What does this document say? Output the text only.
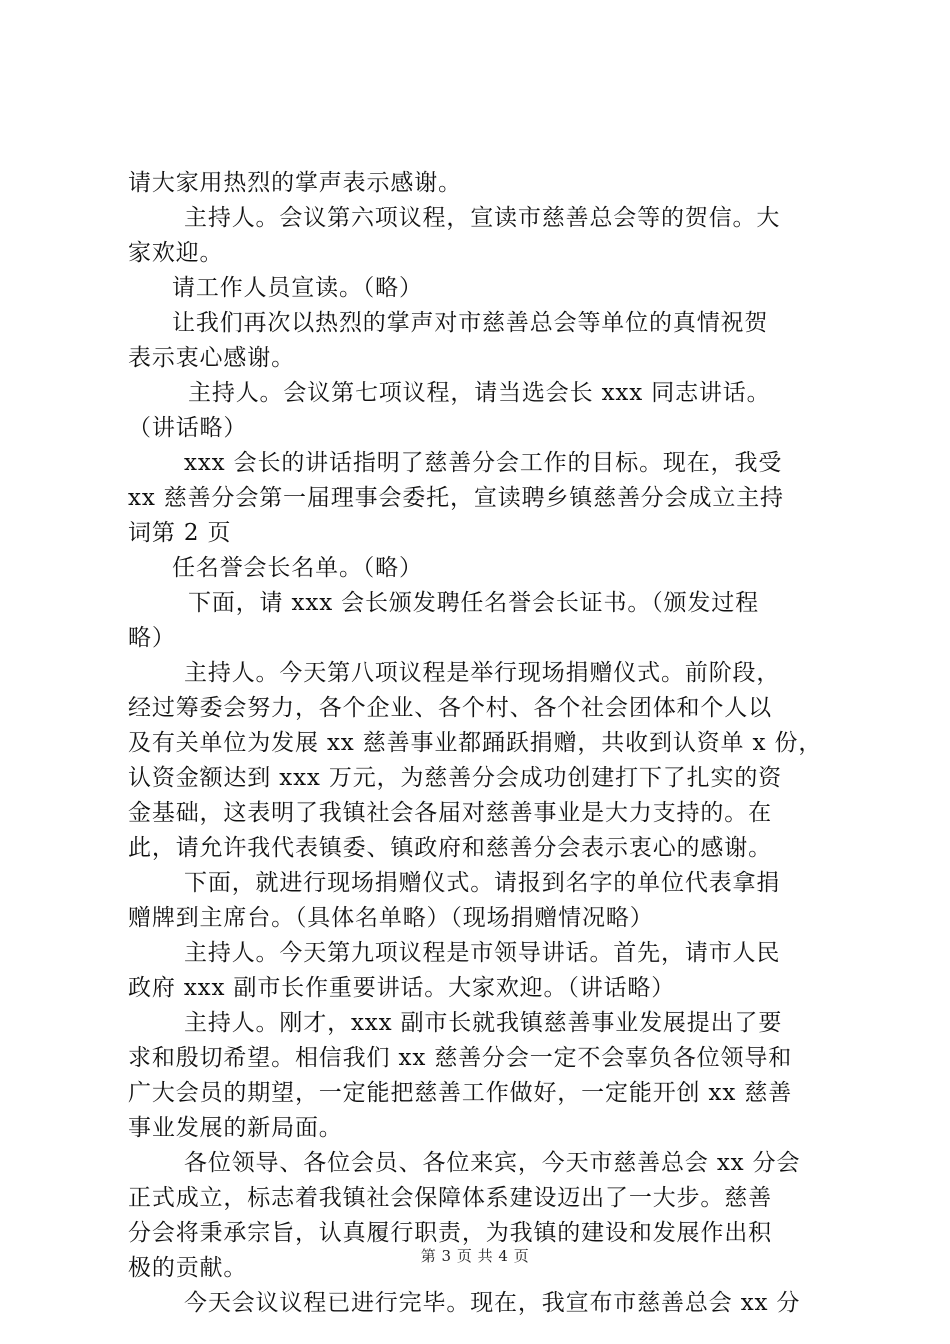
请大家用热烈的掌声表示感谢。
主持人。会议第六项议程，宣读市慈善总会等的贺信。大
家欢迎。
请工作人员宣读。（略）
让我们再次以热烈的掌声对市慈善总会等单位的真情祝贺
表示衷心感谢。
主持人。会议第七项议程，请当选会长 xxx 同志讲话。
（讲话略）
xxx 会长的讲话指明了慈善分会工作的目标。现在，我受
xx 慈善分会第一届理事会委托，宣读聘乡镇慈善分会成立主持
词第 2 页
任名誉会长名单。（略）
下面，请 xxx 会长颁发聘任名誉会长证书。（颁发过程
略）
主持人。今天第八项议程是举行现场捐赠仪式。前阶段，
经过筹委会努力，各个企业、各个村、各个社会团体和个人以
及有关单位为发展 xx 慈善事业都踊跃捐赠，共收到认资单 x 份，
认资金额达到 xxx 万元，为慈善分会成功创建打下了扎实的资
金基础，这表明了我镇社会各届对慈善事业是大力支持的。在
此，请允许我代表镇委、镇政府和慈善分会表示衷心的感谢。
下面，就进行现场捐赠仪式。请报到名字的单位代表拿捐
赠牌到主席台。（具体名单略）（现场捐赠情况略）
主持人。今天第九项议程是市领导讲话。首先，请市人民
政府 xxx 副市长作重要讲话。大家欢迎。（讲话略）
主持人。刚才，xxx 副市长就我镇慈善事业发展提出了要
求和殷切希望。相信我们 xx 慈善分会一定不会辜负各位领导和
广大会员的期望，一定能把慈善工作做好，一定能开创 xx 慈善
事业发展的新局面。
各位领导、各位会员、各位来宾，今天市慈善总会 xx 分会
正式成立，标志着我镇社会保障体系建设迈出了一大步。慈善
分会将秉承宗旨，认真履行职责，为我镇的建设和发展作出积
极的贡献。
今天会议议程已进行完毕。现在，我宣布市慈善总会 xx 分
第 3 页 共 4 页
